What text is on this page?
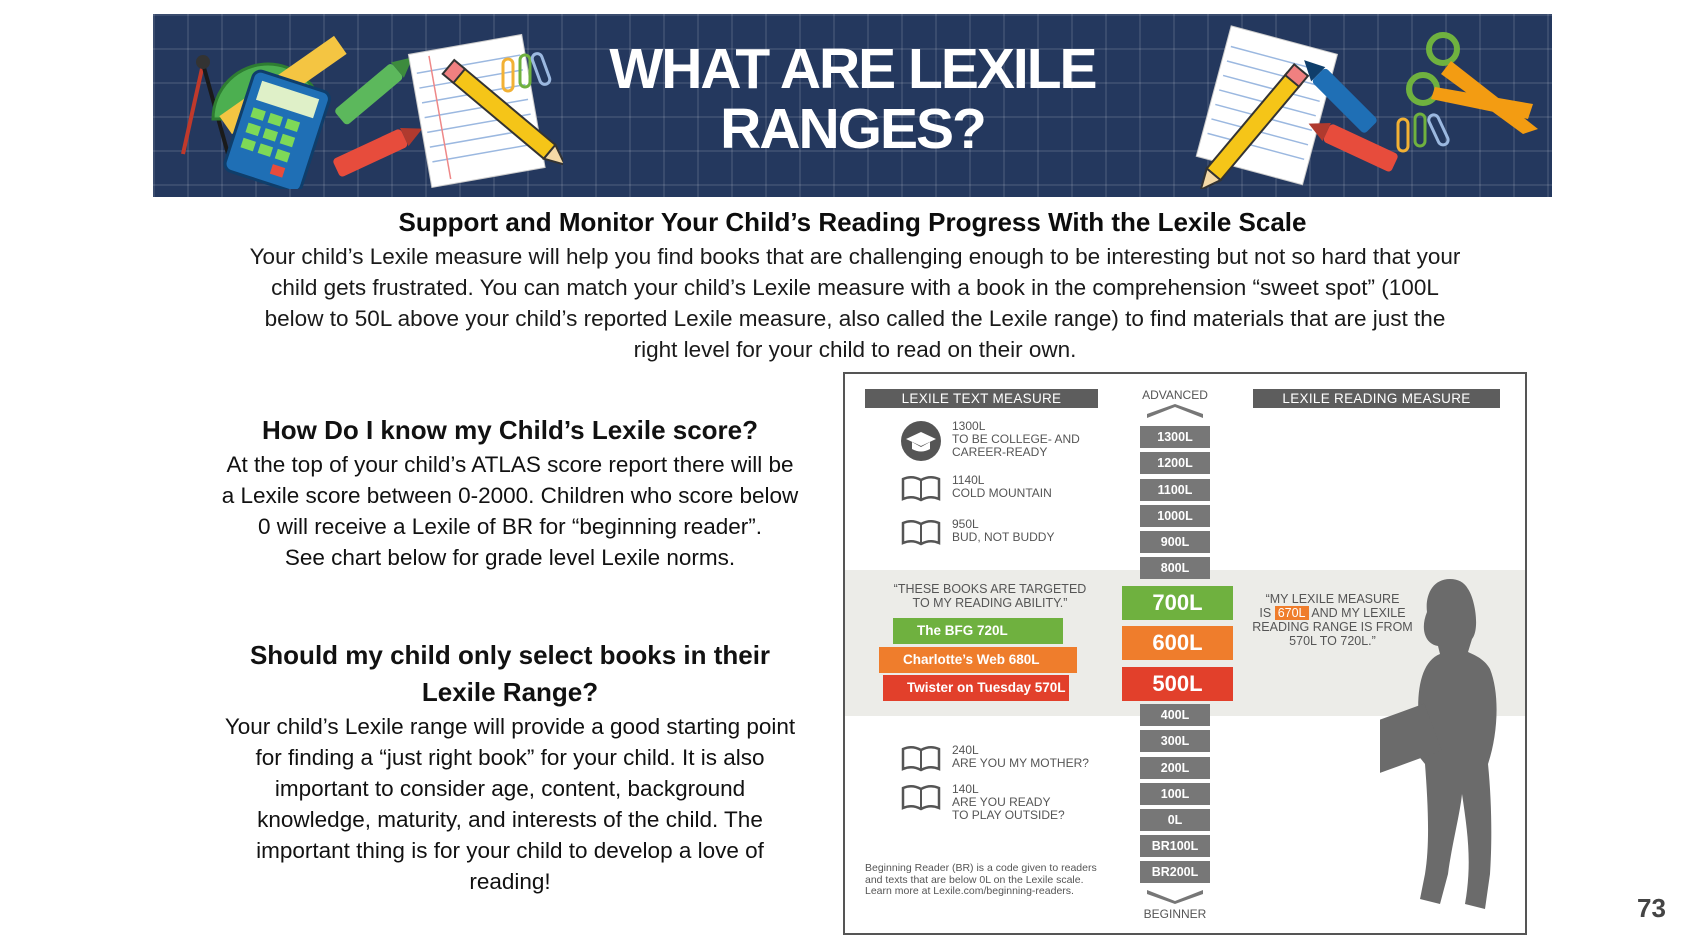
WHAT ARE LEXILE
RANGES?
Support and Monitor Your Child’s Reading Progress With the Lexile Scale
Your child’s Lexile measure will help you find books that are challenging enough to be interesting but not so hard that your
child gets frustrated. You can match your child’s Lexile measure with a book in the comprehension “sweet spot” (100L
below to 50L above your child’s reported Lexile measure, also called the Lexile range) to find materials that are just the
right level for your child to read on their own.
How Do I know my Child’s Lexile score?
At the top of your child’s ATLAS score report there will be
a Lexile score between 0-2000. Children who score below
0 will receive a Lexile of BR for “beginning reader”.
See chart below for grade level Lexile norms.
Should my child only select books in their
Lexile Range?
Your child’s Lexile range will provide a good starting point
for finding a “just right book” for your child. It is also
important to consider age, content, background
knowledge, maturity, and interests of the child. The
important thing is for your child to develop a love of
reading!
LEXILE TEXT MEASURE	LEXILE READING MEASURE
ADVANCED
1300L
1200L
1100L
1000L
900L
800L
700L
600L
500L
400L
300L
200L
100L
0L
BR100L
BR200L
BEGINNER
1300L
TO BE COLLEGE- AND
CAREER-READY
1140L
COLD MOUNTAIN
950L
BUD, NOT BUDDY
“THESE BOOKS ARE TARGETED
TO MY READING ABILITY.”
The BFG 720L
Charlotte’s Web 680L
Twister on Tuesday 570L
“MY LEXILE MEASURE
IS 670L AND MY LEXILE
READING RANGE IS FROM
570L TO 720L.”
240L
ARE YOU MY MOTHER?
140L
ARE YOU READY
TO PLAY OUTSIDE?
Beginning Reader (BR) is a code given to readers
and texts that are below 0L on the Lexile scale.
Learn more at Lexile.com/beginning-readers.
73
